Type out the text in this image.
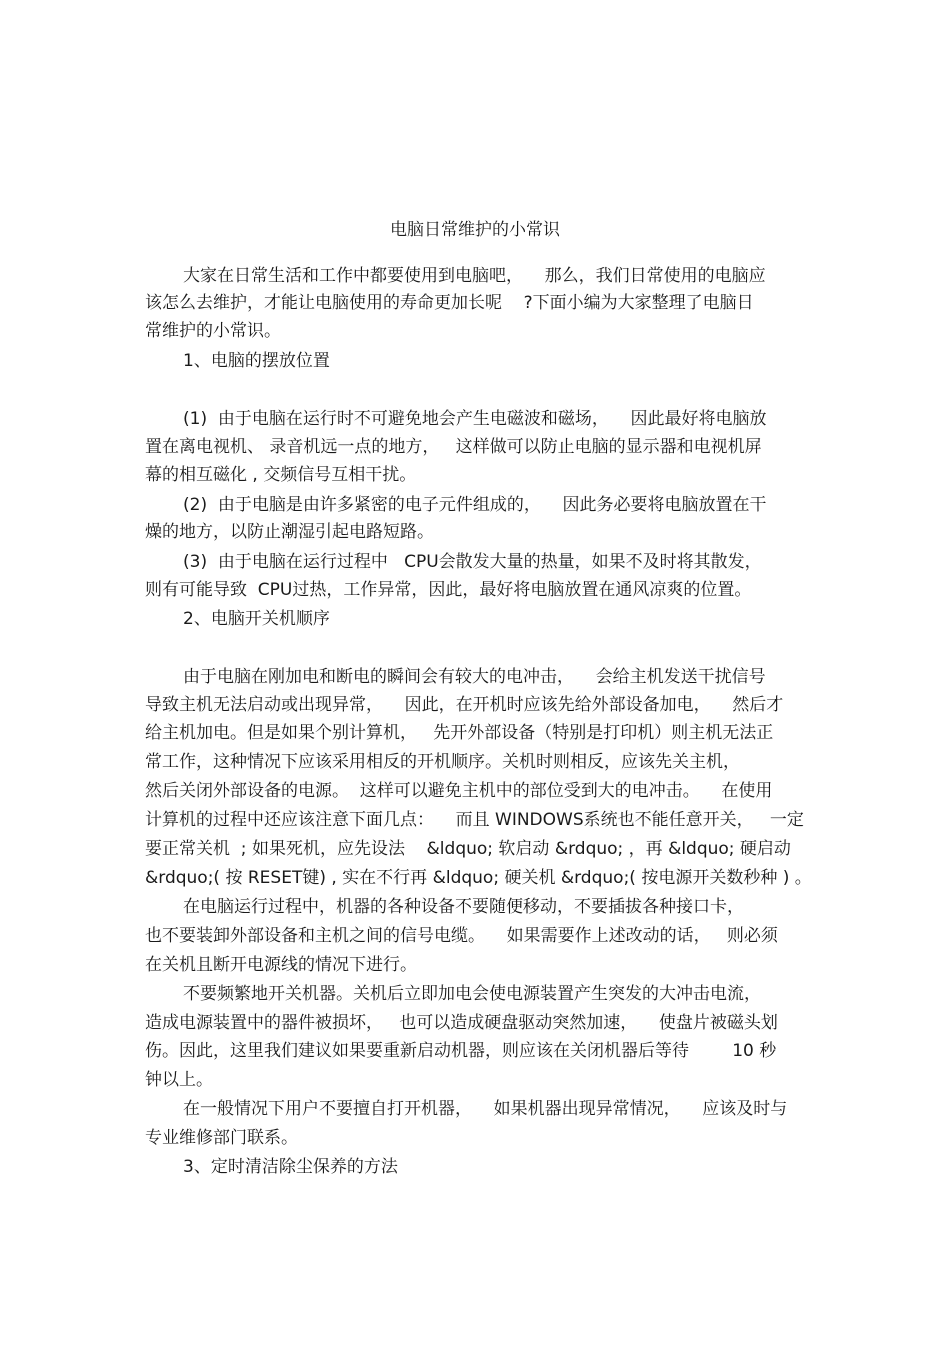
电脑日常维护的小常识
大家在日常生活和工作中都要使用到电脑吧，    那么，我们日常使用的电脑应
该怎么去维护，才能让电脑使用的寿命更加长呢    ?下面小编为大家整理了电脑日
常维护的小常识。
1、电脑的摆放位置
(1)  由于电脑在运行时不可避免地会产生电磁波和磁场，    因此最好将电脑放
置在离电视机、 录音机远一点的地方，   这样做可以防止电脑的显示器和电视机屏
幕的相互磁化 , 交频信号互相干扰。
(2)  由于电脑是由许多紧密的电子元件组成的，    因此务必要将电脑放置在干
燥的地方，以防止潮湿引起电路短路。
(3)  由于电脑在运行过程中   CPU会散发大量的热量，如果不及时将其散发，
则有可能导致  CPU过热，工作异常，因此，最好将电脑放置在通风凉爽的位置。
2、电脑开关机顺序
由于电脑在刚加电和断电的瞬间会有较大的电冲击，    会给主机发送干扰信号
导致主机无法启动或出现异常，    因此，在开机时应该先给外部设备加电，    然后才
给主机加电。但是如果个别计算机，   先开外部设备（特别是打印机）则主机无法正
常工作，这种情况下应该采用相反的开机顺序。关机时则相反，应该先关主机，
然后关闭外部设备的电源。  这样可以避免主机中的部位受到大的电冲击。    在使用
计算机的过程中还应该注意下面几点：    而且 WINDOWS系统也不能任意开关，   一定
要正常关机  ; 如果死机，应先设法    &ldquo; 软启动 &rdquo; ，再 &ldquo; 硬启动
&rdquo;( 按 RESET键) , 实在不行再 &ldquo; 硬关机 &rdquo;( 按电源开关数秒种 ) 。
在电脑运行过程中，机器的各种设备不要随便移动，不要插拔各种接口卡，
也不要装卸外部设备和主机之间的信号电缆。    如果需要作上述改动的话，   则必须
在关机且断开电源线的情况下进行。
不要频繁地开关机器。关机后立即加电会使电源装置产生突发的大冲击电流，
造成电源装置中的器件被损坏，   也可以造成硬盘驱动突然加速，    使盘片被磁头划
伤。因此，这里我们建议如果要重新启动机器，则应该在关闭机器后等待        10 秒
钟以上。
在一般情况下用户不要擅自打开机器，    如果机器出现异常情况，    应该及时与
专业维修部门联系。
3、定时清洁除尘保养的方法
